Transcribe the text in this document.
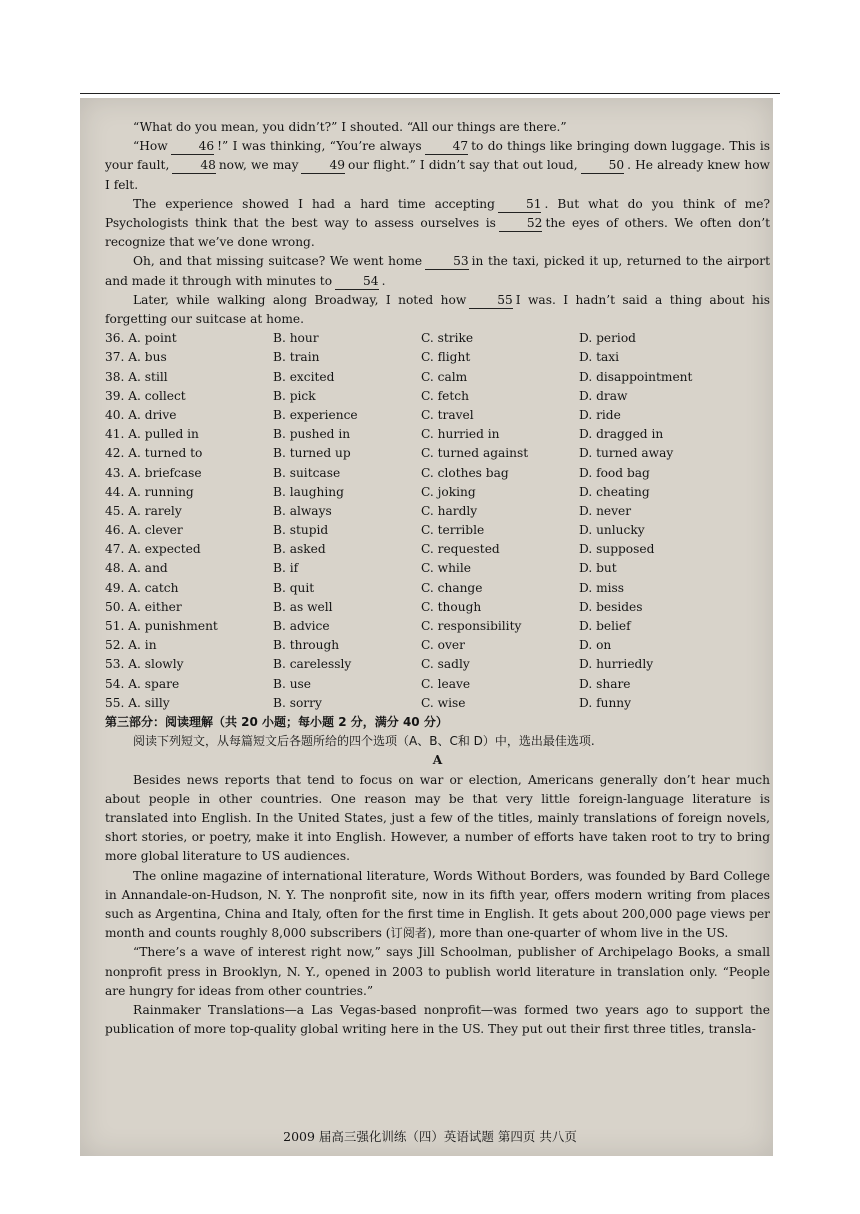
“What do you mean, you didn’t?” I shouted. “All our things are there.”

“How	46 !” I was thinking, “You’re always	47 to do things like bringing down luggage. This is your fault,	48 now, we may	49 our flight.” I didn’t say that out loud,	50 . He already knew how I felt.

The experience showed I had a hard time accepting	51 . But what do you think of me? Psychologists think that the best way to assess ourselves is	52 the eyes of others. We often don’t recognize that we’ve done wrong.

Oh, and that missing suitcase? We went home	53 in the taxi, picked it up, returned to the airport and made it through with minutes to	54 .

Later, while walking along Broadway, I noted how	55 I was. I hadn’t said a thing about his forgetting our suitcase at home.

36. A. point	B. hour	C. strike	D. period
37. A. bus	B. train	C. flight	D. taxi
38. A. still	B. excited	C. calm	D. disappointment
39. A. collect	B. pick	C. fetch	D. draw
40. A. drive	B. experience	C. travel	D. ride
41. A. pulled in	B. pushed in	C. hurried in	D. dragged in
42. A. turned to	B. turned up	C. turned against	D. turned away
43. A. briefcase	B. suitcase	C. clothes bag	D. food bag
44. A. running	B. laughing	C. joking	D. cheating
45. A. rarely	B. always	C. hardly	D. never
46. A. clever	B. stupid	C. terrible	D. unlucky
47. A. expected	B. asked	C. requested	D. supposed
48. A. and	B. if	C. while	D. but
49. A. catch	B. quit	C. change	D. miss
50. A. either	B. as well	C. though	D. besides
51. A. punishment	B. advice	C. responsibility	D. belief
52. A. in	B. through	C. over	D. on
53. A. slowly	B. carelessly	C. sadly	D. hurriedly
54. A. spare	B. use	C. leave	D. share
55. A. silly	B. sorry	C. wise	D. funny

第三部分：阅读理解（共 20 小题；每小题 2 分，满分 40 分）

阅读下列短文，从每篇短文后各题所给的四个选项（A、B、C和 D）中，选出最佳选项.

A

Besides news reports that tend to focus on war or election, Americans generally don’t hear much about people in other countries. One reason may be that very little foreign-language literature is translated into English. In the United States, just a few of the titles, mainly translations of foreign novels, short stories, or poetry, make it into English. However, a number of efforts have taken root to try to bring more global literature to US audiences.

The online magazine of international literature, Words Without Borders, was founded by Bard College in Annandale-on-Hudson, N. Y. The nonprofit site, now in its fifth year, offers modern writing from places such as Argentina, China and Italy, often for the first time in English. It gets about 200,000 page views per month and counts roughly 8,000 subscribers (订阅者), more than one-quarter of whom live in the US.

“There’s a wave of interest right now,” says Jill Schoolman, publisher of Archipelago Books, a small nonprofit press in Brooklyn, N. Y., opened in 2003 to publish world literature in translation only. “People are hungry for ideas from other countries.”

Rainmaker Translations—a Las Vegas-based nonprofit—was formed two years ago to support the publication of more top-quality global writing here in the US. They put out their first three titles, transla-

2009 届高三强化训练（四）英语试题 第四页 共八页
